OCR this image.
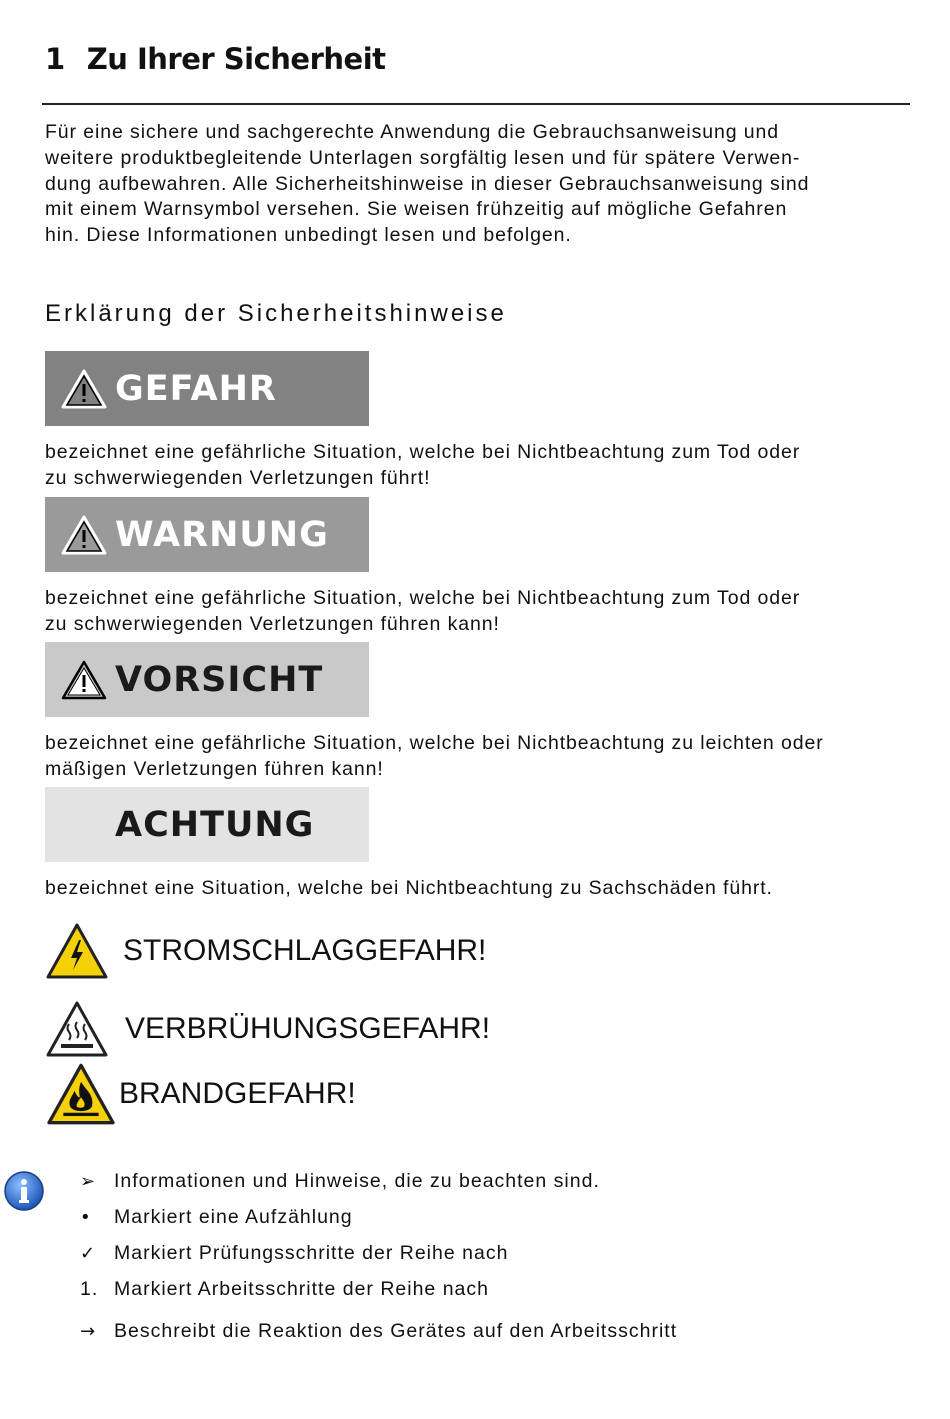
1 Zu Ihrer Sicherheit

Für eine sichere und sachgerechte Anwendung die Gebrauchsanweisung und
weitere produktbegleitende Unterlagen sorgfältig lesen und für spätere Verwen-
dung aufbewahren. Alle Sicherheitshinweise in dieser Gebrauchsanweisung sind
mit einem Warnsymbol versehen. Sie weisen frühzeitig auf mögliche Gefahren
hin. Diese Informationen unbedingt lesen und befolgen.

Erklärung der Sicherheitshinweise
GEFAHR

bezeichnet eine gefährliche Situation, welche bei Nichtbeachtung zum Tod oder
zu schwerwiegenden Verletzungen führt!

WARNUNG

bezeichnet eine gefährliche Situation, welche bei Nichtbeachtung zum Tod oder
zu schwerwiegenden Verletzungen führen kann!

VORSICHT

bezeichnet eine gefährliche Situation, welche bei Nichtbeachtung zu leichten oder
mäßigen Verletzungen führen kann!

ACHTUNG

bezeichnet eine Situation, welche bei Nichtbeachtung zu Sachschäden führt.

STROMSCHLAGGEFAHR!
VERBRÜHUNGSGEFAHR!
BRANDGEFAHR!
➢ Informationen und Hinweise, die zu beachten sind.
•	Markiert eine Aufzählung
✓ Markiert Prüfungsschritte der Reihe nach
1. Markiert Arbeitsschritte der Reihe nach
→ Beschreibt die Reaktion des Gerätes auf den Arbeitsschritt
